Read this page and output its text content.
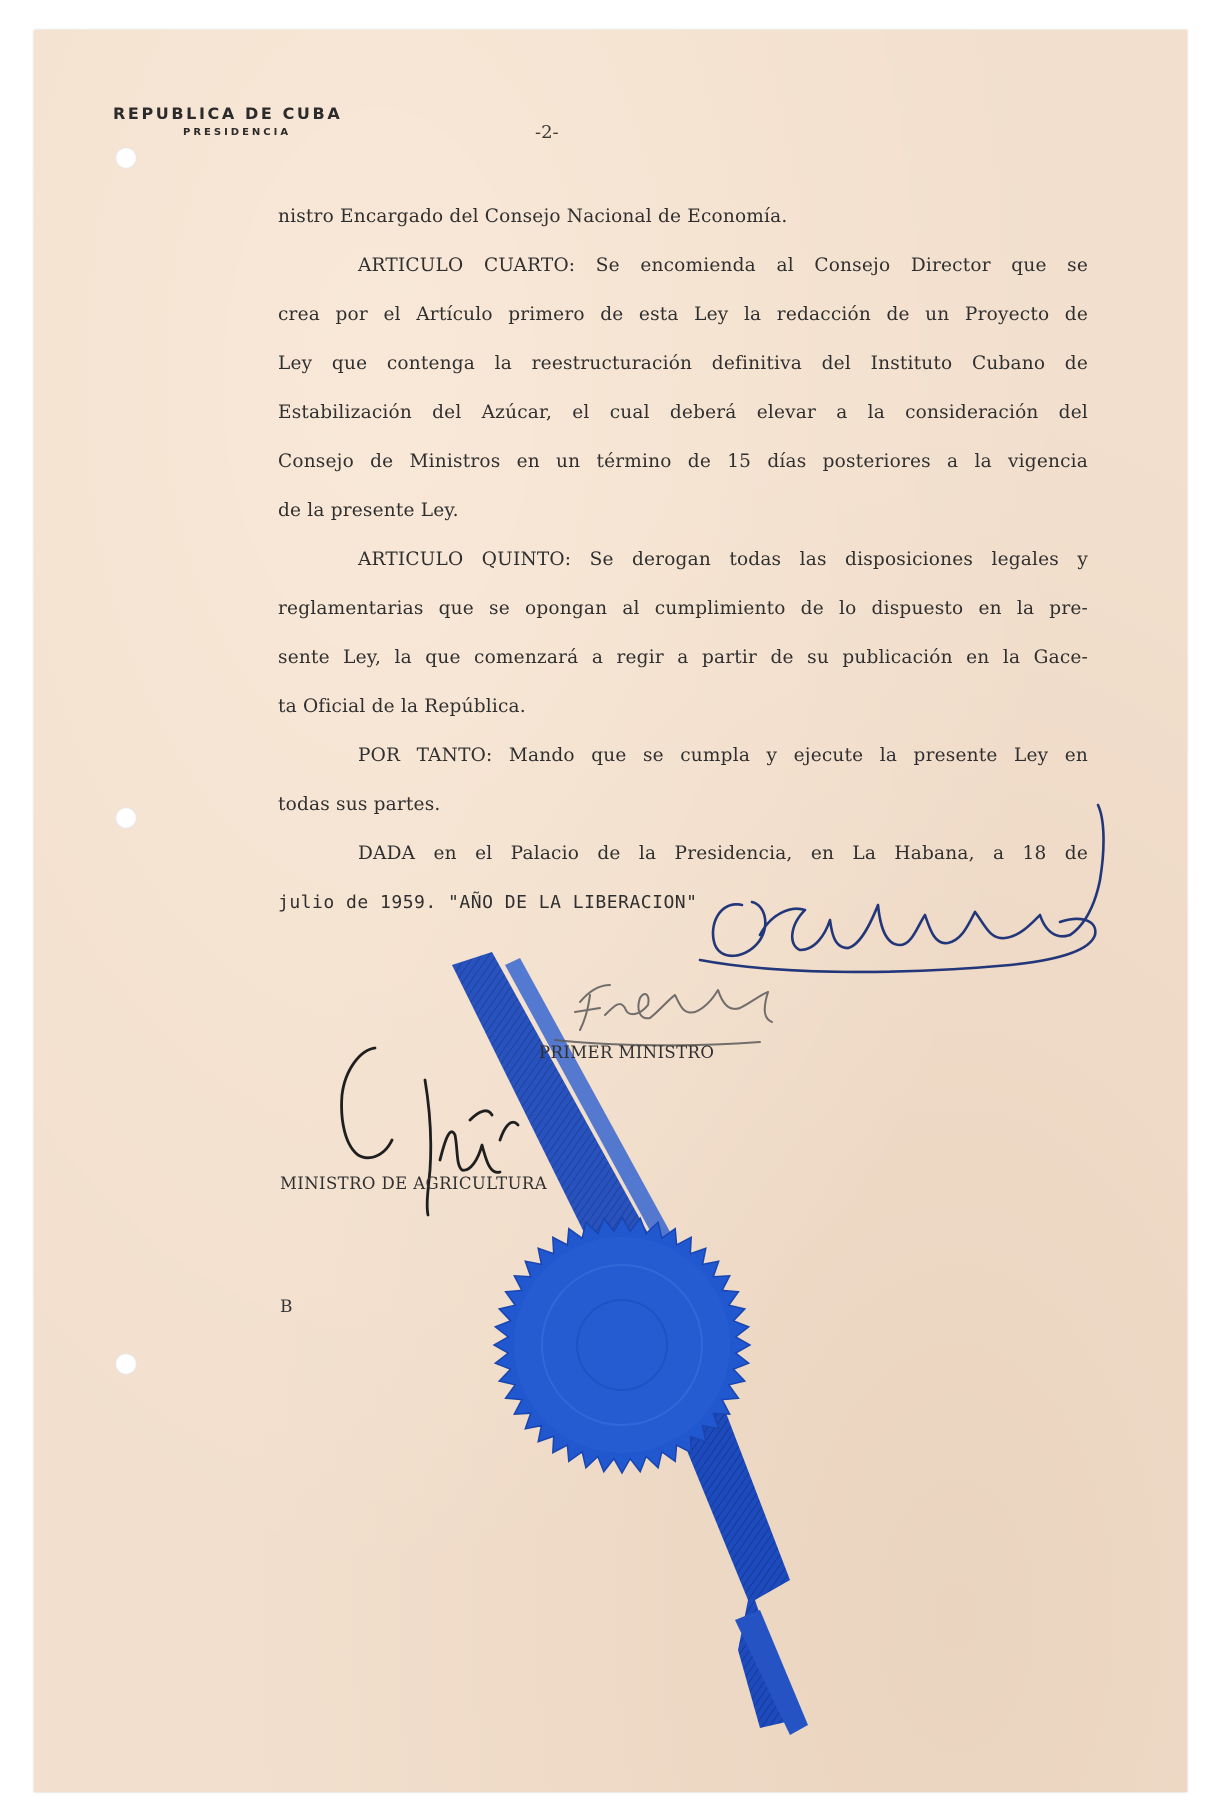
REPUBLICA DE CUBA
PRESIDENCIA	-2-
nistro Encargado del Consejo Nacional de Economía.
ARTICULO CUARTO: Se encomienda al Consejo Director que se
crea por el Artículo primero de esta Ley la redacción de un Proyecto de
Ley que contenga la reestructuración definitiva del Instituto Cubano de
Estabilización del Azúcar, el cual deberá elevar a la consideración del
Consejo de Ministros en un término de 15 días posteriores a la vigencia
de la presente Ley.
ARTICULO QUINTO: Se derogan todas las disposiciones legales y
reglamentarias que se opongan al cumplimiento de lo dispuesto en la pre-
sente Ley, la que comenzará a regir a partir de su publicación en la Gace-
ta Oficial de la República.
POR TANTO: Mando que se cumpla y ejecute la presente Ley en
todas sus partes.
DADA en el Palacio de la Presidencia, en La Habana, a 18 de
julio de 1959. "AÑO DE LA LIBERACION"
PRIMER MINISTRO
MINISTRO DE AGRICULTURA
B
